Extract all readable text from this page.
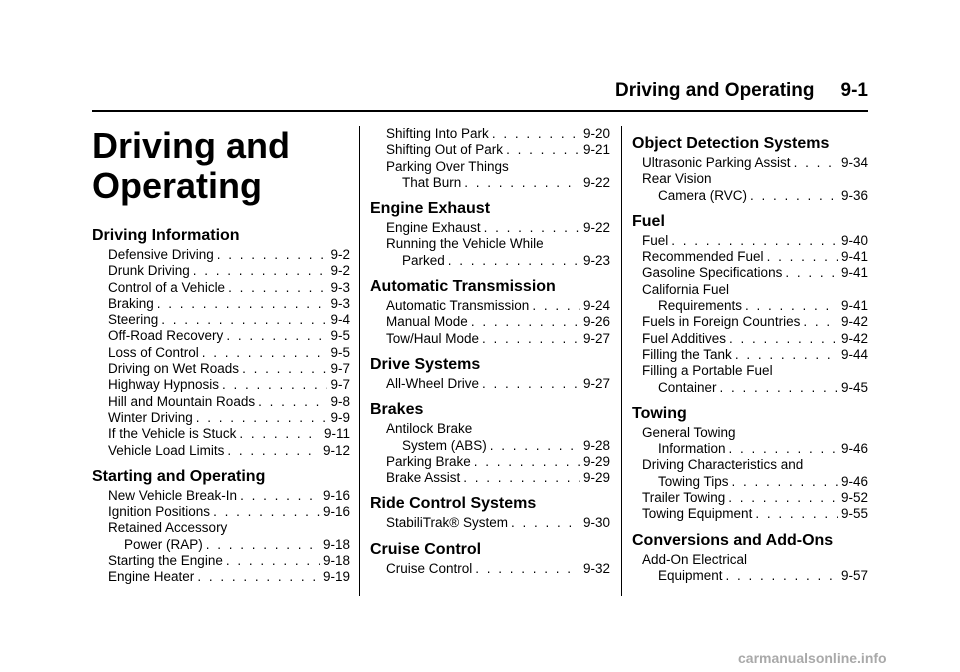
Driving and Operating 9-1
Driving and
Operating
Driving Information
Defensive Driving . . .	9-2
Drunk Driving . . .	9-2
Control of a Vehicle . . .	9-3
Braking . . .	9-3
Steering . . .	9-4
Off-Road Recovery . . .	9-5
Loss of Control . . .	9-5
Driving on Wet Roads . . .	9-7
Highway Hypnosis . . .	9-7
Hill and Mountain Roads . . .	9-8
Winter Driving . . .	9-9
If the Vehicle is Stuck . . .	9-11
Vehicle Load Limits . . .	9-12
Starting and Operating
New Vehicle Break-In . . .	9-16
Ignition Positions . . .	9-16
Retained Accessory
Power (RAP) . . .	9-18
Starting the Engine . . .	9-18
Engine Heater . . .	9-19
Shifting Into Park . . .	9-20
Shifting Out of Park . . .	9-21
Parking Over Things
That Burn . . .	9-22
Engine Exhaust
Engine Exhaust . . .	9-22
Running the Vehicle While
Parked . . .	9-23
Automatic Transmission
Automatic Transmission . . .	9-24
Manual Mode . . .	9-26
Tow/Haul Mode . . .	9-27
Drive Systems
All-Wheel Drive . . .	9-27
Brakes
Antilock Brake
System (ABS) . . .	9-28
Parking Brake . . .	9-29
Brake Assist . . .	9-29
Ride Control Systems
StabiliTrak® System . . .	9-30
Cruise Control
Cruise Control . . .	9-32
Object Detection Systems
Ultrasonic Parking Assist . . .	9-34
Rear Vision
Camera (RVC) . . .	9-36
Fuel
Fuel . . .	9-40
Recommended Fuel . . .	9-41
Gasoline Specifications . . .	9-41
California Fuel
Requirements . . .	9-41
Fuels in Foreign Countries . . .	9-42
Fuel Additives . . .	9-42
Filling the Tank . . .	9-44
Filling a Portable Fuel
Container . . .	9-45
Towing
General Towing
Information . . .	9-46
Driving Characteristics and
Towing Tips . . .	9-46
Trailer Towing . . .	9-52
Towing Equipment . . .	9-55
Conversions and Add-Ons
Add-On Electrical
Equipment . . .	9-57
carmanualsonline.info
